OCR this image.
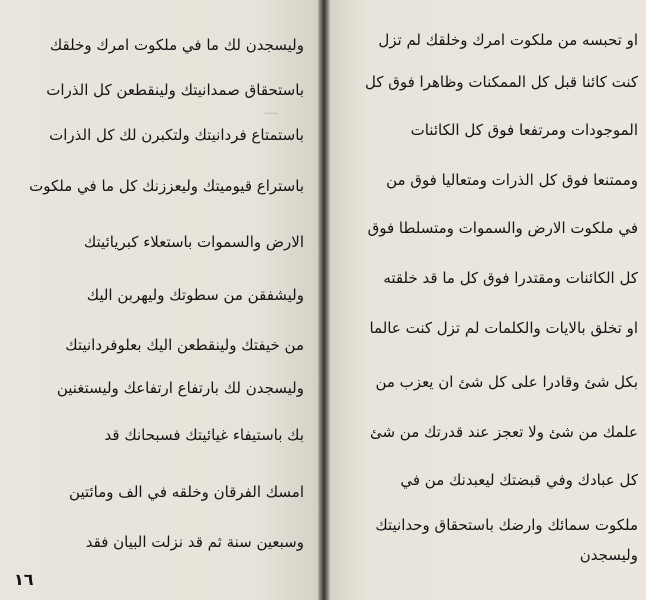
ـــ
وليسجدن لك ما في ملكوت امرك وخلقك
باستحقاق صمدانيتك ولينقطعن كل الذرات
باستمتاع فردانيتك ولتكبرن لك كل الذرات
باستراع قيوميتك وليعززنك كل ما في ملكوت
الارض والسموات باستعلاء كبريائيتك
وليشفقن من سطوتك وليهربن اليك
من خيفتك ولينقطعن اليك بعلوفردانيتك
وليسجدن لك بارتفاع ارتفاعك وليستغنين
بك باستيفاء غيائيتك فسبحانك قد
امسك الفرقان وخلقه في الف ومائتين
وسبعين سنة ثم قد نزلت البيان فقد
١٦
او تحبسه من ملكوت امرك وخلقك لم تزل
كنت كائنا قبل كل الممكنات وظاهرا فوق كل
الموجودات ومرتفعا فوق كل الكائنات
وممتنعا فوق كل الذرات ومتعاليا فوق من
في ملكوت الارض والسموات ومتسلطا فوق
كل الكائنات ومقتدرا فوق كل ما قد خلقته
او تخلق بالايات والكلمات لم تزل كنت عالما
بكل شئ وقادرا على كل شئ ان يعزب من
علمك من شئ ولا تعجز عند قدرتك من شئ
كل عبادك وفي قبضتك ليعبدنك من في
ملكوت سمائك وارضك باستحقاق وحدانيتك
وليسجدن
